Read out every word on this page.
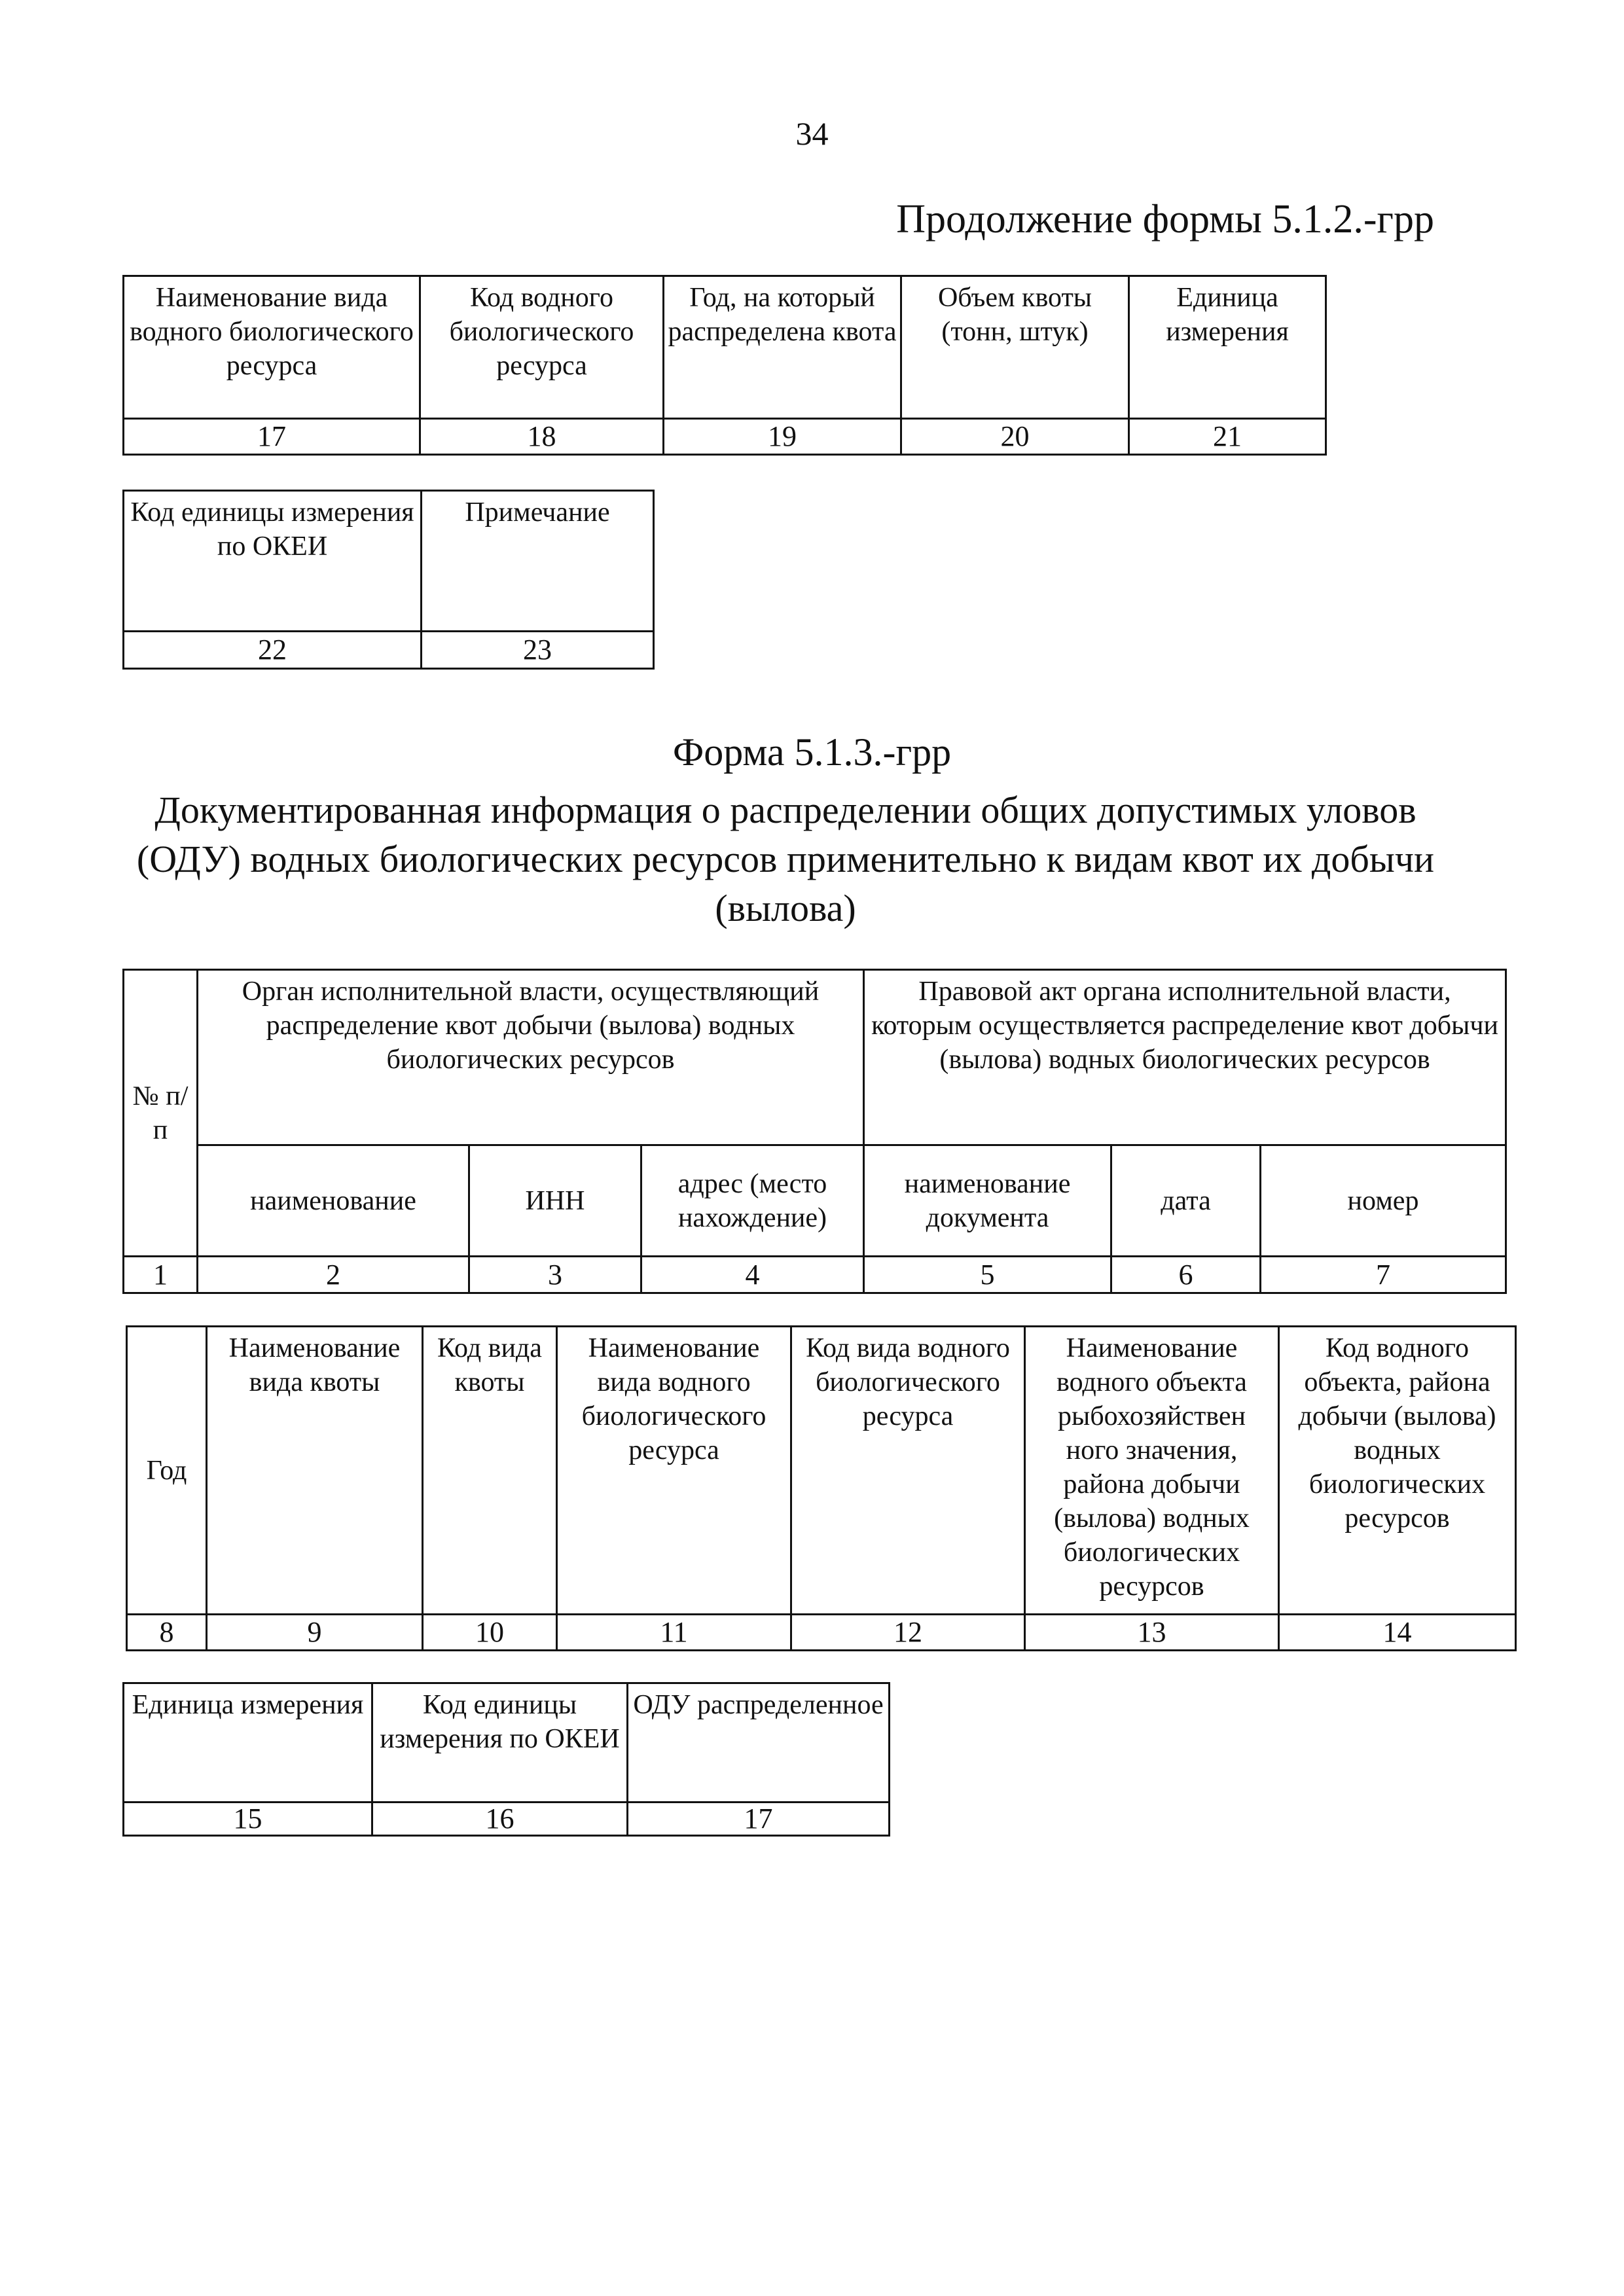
34
Продолжение формы 5.1.2.-грр
Наименование вида водного биологического ресурса	Код водного биологического ресурса	Год, на который распределена квота	Объем квоты (тонн, штук)	Единица измерения
17	18	19	20	21
Код единицы измерения по ОКЕИ	Примечание
22	23
Форма 5.1.3.-грр
Документированная информация о распределении общих допустимых уловов (ОДУ) водных биологических ресурсов применительно к видам квот их добычи (вылова)
№ п/п	Орган исполнительной власти, осуществляющий распределение квот добычи (вылова) водных биологических ресурсов			Правовой акт органа исполнительной власти, которым осуществляется распределение квот добычи (вылова) водных биологических ресурсов		
	наименование	ИНН	адрес (место нахождение)	наименование документа	дата	номер
1	2	3	4	5	6	7
Год	Наименование вида квоты	Код вида квоты	Наименование вида водного биологического ресурса	Код вида водного биологического ресурса	Наименование водного объекта рыбохозяйствен ного значения, района добычи (вылова) водных биологических ресурсов	Код водного объекта, района добычи (вылова) водных биологических ресурсов
8	9	10	11	12	13	14
Единица измерения	Код единицы измерения по ОКЕИ	ОДУ распределенное
15	16	17
